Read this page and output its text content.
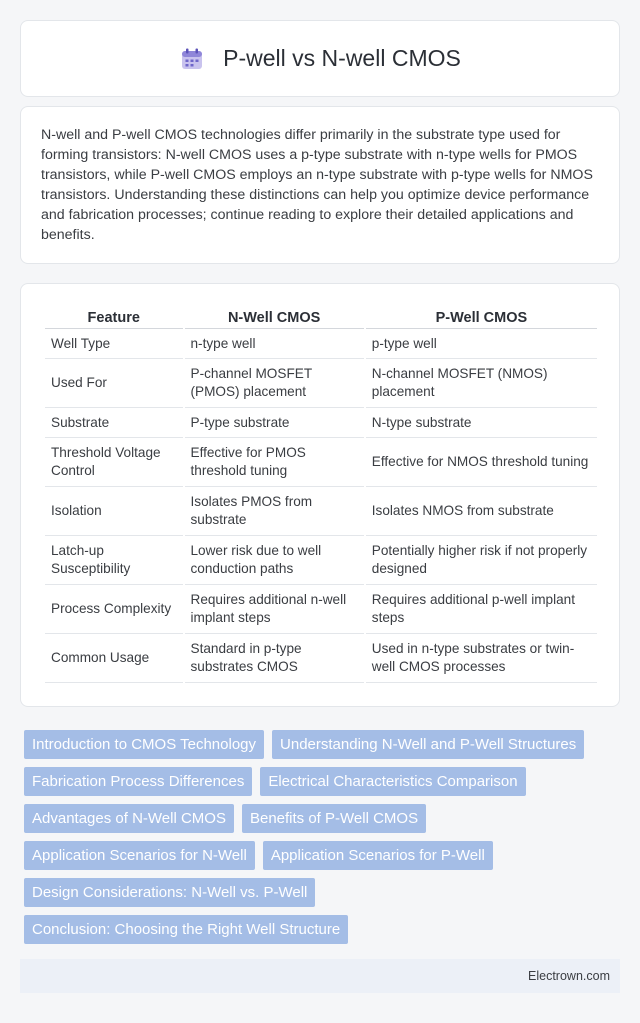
P-well vs N-well CMOS

N-well and P-well CMOS technologies differ primarily in the substrate type used for forming transistors: N-well CMOS uses a p-type substrate with n-type wells for PMOS transistors, while P-well CMOS employs an n-type substrate with p-type wells for NMOS transistors. Understanding these distinctions can help you optimize device performance and fabrication processes; continue reading to explore their detailed applications and benefits.

Feature	N-Well CMOS	P-Well CMOS
Well Type	n-type well	p-type well
Used For	P-channel MOSFET (PMOS) placement	N-channel MOSFET (NMOS) placement
Substrate	P-type substrate	N-type substrate
Threshold Voltage Control	Effective for PMOS threshold tuning	Effective for NMOS threshold tuning
Isolation	Isolates PMOS from substrate	Isolates NMOS from substrate
Latch-up Susceptibility	Lower risk due to well conduction paths	Potentially higher risk if not properly designed
Process Complexity	Requires additional n-well implant steps	Requires additional p-well implant steps
Common Usage	Standard in p-type substrates CMOS	Used in n-type substrates or twin-well CMOS processes
Introduction to CMOS Technology	Understanding N-Well and P-Well Structures
Fabrication Process Differences	Electrical Characteristics Comparison
Advantages of N-Well CMOS	Benefits of P-Well CMOS
Application Scenarios for N-Well	Application Scenarios for P-Well
Design Considerations: N-Well vs. P-Well
Conclusion: Choosing the Right Well Structure
Electrown.com
